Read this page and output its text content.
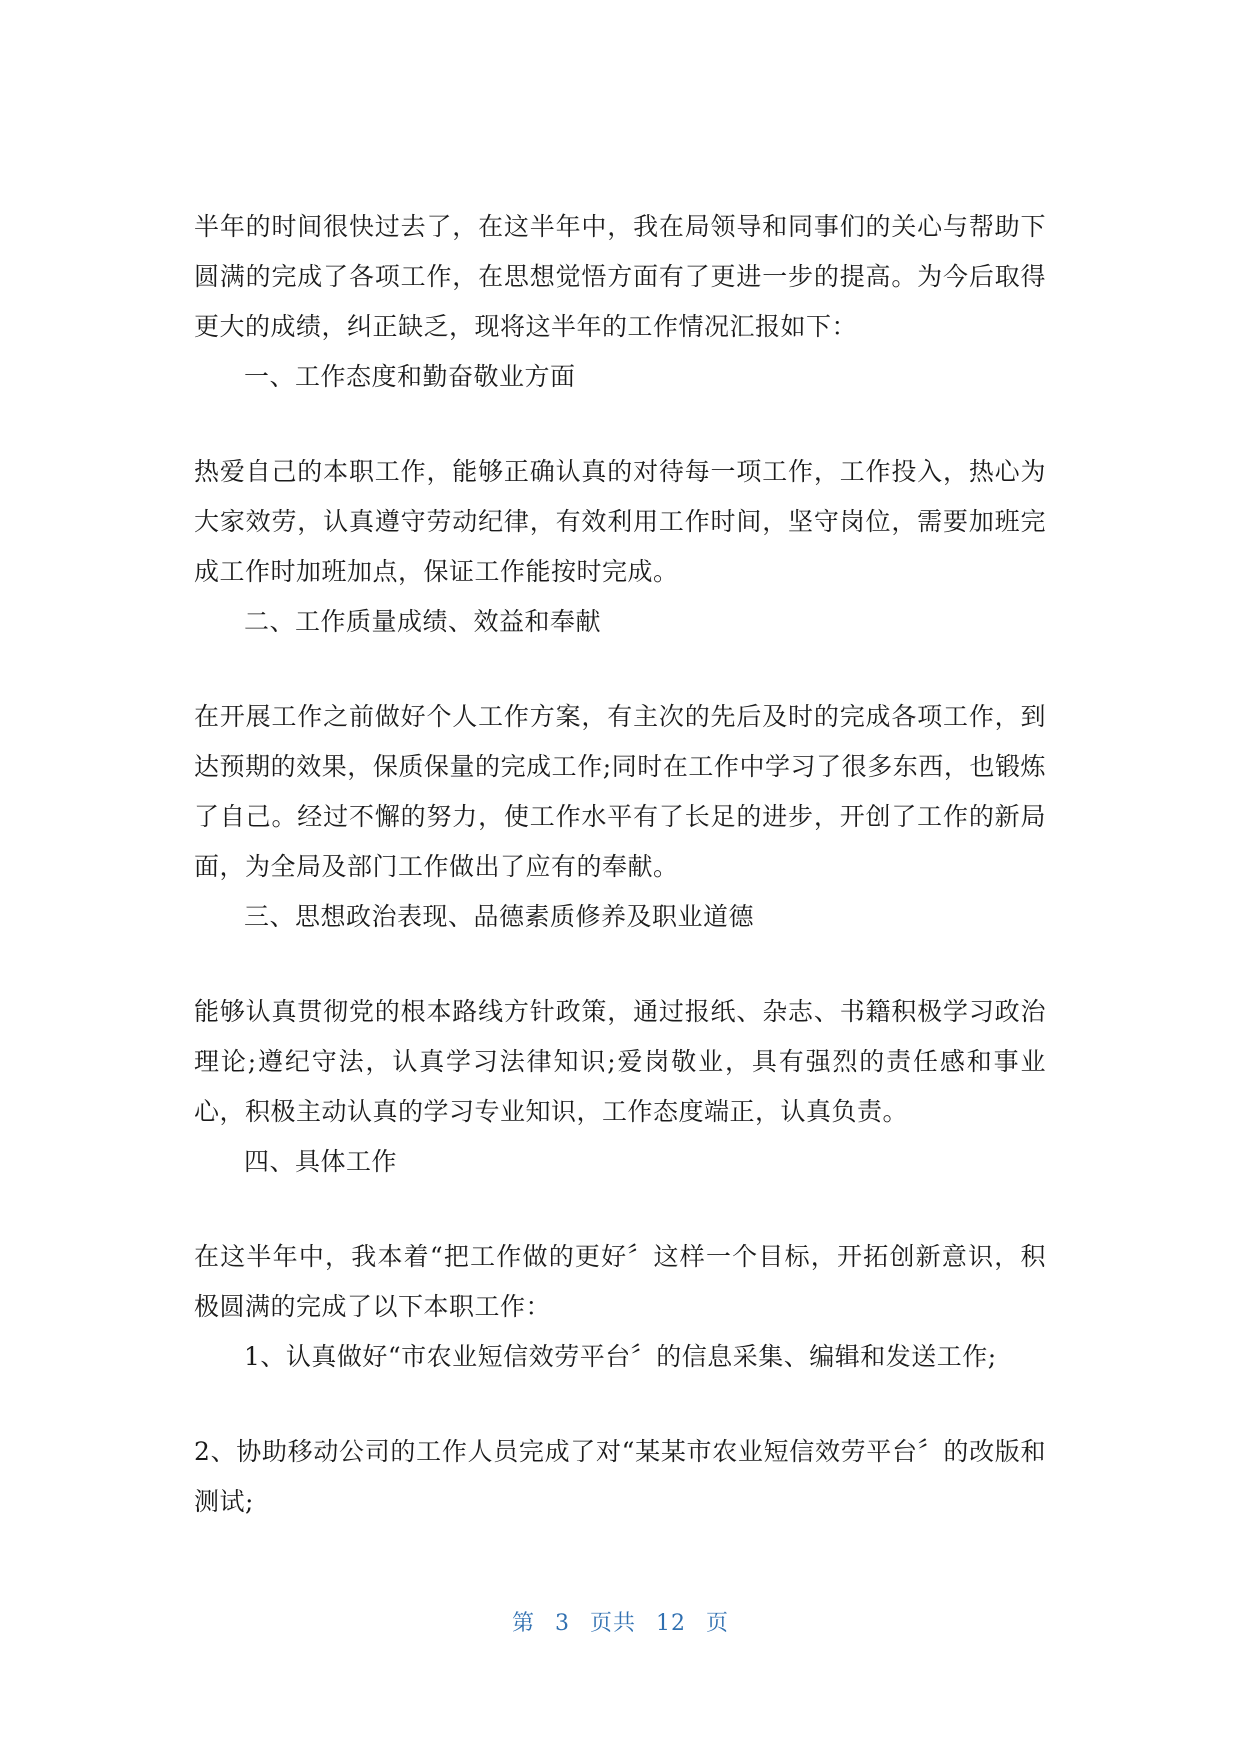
半年的时间很快过去了，在这半年中，我在局领导和同事们的关心与帮助下圆满的完成了各项工作，在思想觉悟方面有了更进一步的提高。为今后取得更大的成绩，纠正缺乏，现将这半年的工作情况汇报如下：

一、工作态度和勤奋敬业方面

热爱自己的本职工作，能够正确认真的对待每一项工作，工作投入，热心为大家效劳，认真遵守劳动纪律，有效利用工作时间，坚守岗位，需要加班完成工作时加班加点，保证工作能按时完成。

二、工作质量成绩、效益和奉献

在开展工作之前做好个人工作方案，有主次的先后及时的完成各项工作，到达预期的效果，保质保量的完成工作;同时在工作中学习了很多东西，也锻炼了自己。经过不懈的努力，使工作水平有了长足的进步，开创了工作的新局面，为全局及部门工作做出了应有的奉献。

三、思想政治表现、品德素质修养及职业道德

能够认真贯彻党的根本路线方针政策，通过报纸、杂志、书籍积极学习政治理论;遵纪守法，认真学习法律知识;爱岗敬业，具有强烈的责任感和事业心，积极主动认真的学习专业知识，工作态度端正，认真负责。

四、具体工作

在这半年中，我本着“把工作做的更好〞这样一个目标，开拓创新意识，积极圆满的完成了以下本职工作：

1、认真做好“市农业短信效劳平台〞的信息采集、编辑和发送工作;

2、协助移动公司的工作人员完成了对“某某市农业短信效劳平台〞的改版和测试;

第 3 页共 12 页
